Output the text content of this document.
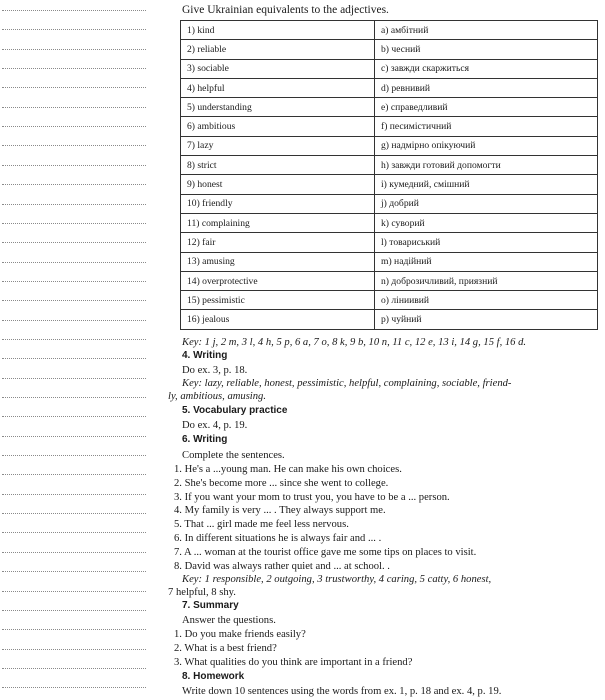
Give Ukrainian equivalents to the adjectives.
1) kind	a) амбітний
2) reliable	b) чесний
3) sociable	c) завжди скаржиться
4) helpful	d) ревнивий
5) understanding	e) справедливий
6) ambitious	f) песимістичний
7) lazy	g) надмірно опікуючий
8) strict	h) завжди готовий допомогти
9) honest	i) кумедний, смішний
10) friendly	j) добрий
11) complaining	k) суворий
12) fair	l) товариський
13) amusing	m) надійний
14) overprotective	n) доброзичливий, приязний
15) pessimistic	o) ліниивий
16) jealous	p) чуйний
Key: 1 j, 2 m, 3 l, 4 h, 5 p, 6 a, 7 o, 8 k, 9 b, 10 n, 11 c, 12 e, 13 i, 14 g, 15 f, 16 d.
4. Writing
Do ex. 3, p. 18.
Key: lazy, reliable, honest, pessimistic, helpful, complaining, sociable, friend-
ly, ambitious, amusing.
5. Vocabulary practice
Do ex. 4, p. 19.
6. Writing
Complete the sentences.
1. He's a ...young man. He can make his own choices.
2. She's become more ... since she went to college.
3. If you want your mom to trust you, you have to be a ... person.
4. My family is very ... . They always support me.
5. That ... girl made me feel less nervous.
6. In different situations he is always fair and ... .
7. A ... woman at the tourist office gave me some tips on places to visit.
8. David was always rather quiet and ... at school. .
Key: 1 responsible, 2 outgoing, 3 trustworthy, 4 caring, 5 catty, 6 honest,
7 helpful, 8 shy.
7. Summary
Answer the questions.
1. Do you make friends easily?
2. What is a best friend?
3. What qualities do you think are important in a friend?
8. Homework
Write down 10 sentences using the words from ex. 1, p. 18 and ex. 4, p. 19.
